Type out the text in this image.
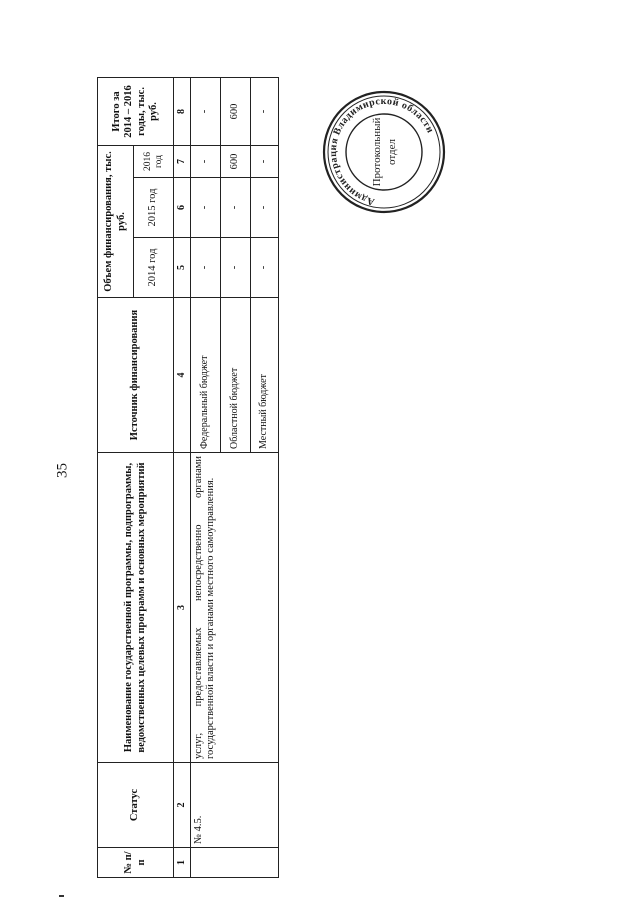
35
№ п/п	Статус	Наименование государственной программы, подпрограммы, ведомственных целевых программ и основных мероприятий	Источник финансирования	Объем финансирования, тыс. руб.			Итого за 2014 – 2016 годы, тыс. руб.
				2014 год	2015 год	2016 год	
1	2	3	4	5	6	7	8
	№ 4.5.	услуг, предоставляемых непосредственно органами государственной власти и органами местного самоуправления.	Федеральный бюджет	-	-	-	-
			Областной бюджет	-	-	600	600
			Местный бюджет	-	-	-	-
Администрация Владимирской области
Протокольный отдел
